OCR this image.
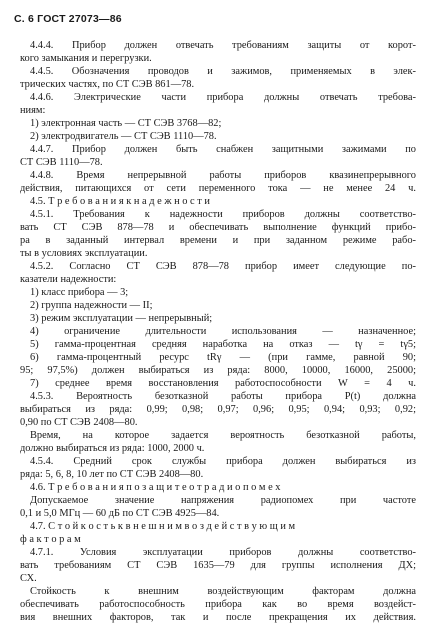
С. 6 ГОСТ 27073—86
4.4.4. Прибор должен отвечать требованиям защиты от корот-
кого замыкания и перегрузки.
4.4.5. Обозначения проводов и зажимов, применяемых в элек-
трических частях, по СТ СЭВ 861—78.
4.4.6. Электрические части прибора должны отвечать требова-
ниям:
1) электронная часть — СТ СЭВ 3768—82;
2) электродвигатель — СТ СЭВ 1110—78.
4.4.7. Прибор должен быть снабжен защитными зажимами по
СТ СЭВ 1110—78.
4.4.8. Время непрерывной работы приборов квазинепрерывного
действия, питающихся от сети переменного тока — не менее 24 ч.
4.5. Т р е б о в а н и я к н а д е ж н о с т и
4.5.1. Требования к надежности приборов должны соответство-
вать СТ СЭВ 878—78 и обеспечивать выполнение функций прибо-
ра в заданный интервал времени и при заданном режиме рабо-
ты в условиях эксплуатации.
4.5.2. Согласно СТ СЭВ 878—78 прибор имеет следующие по-
казатели надежности:
1) класс прибора — 3;
2) группа надежности — II;
3) режим эксплуатации — непрерывный;
4) ограничение длительности использования — назначенное;
5) гамма-процентная средняя наработка на отказ — tγ = tγ5;
6) гамма-процентный ресурс tRγ — (при гамме, равной 90;
95; 97,5%) должен выбираться из ряда: 8000, 10000, 16000, 25000;
7) среднее время восстановления работоспособности W = 4 ч.
4.5.3. Вероятность безотказной работы прибора P(t) должна
выбираться из ряда: 0,99; 0,98; 0,97; 0,96; 0,95; 0,94; 0,93; 0,92;
0,90 по СТ СЭВ 2408—80.
Время, на которое задается вероятность безотказной работы,
должно выбираться из ряда: 1000, 2000 ч.
4.5.4. Средний срок службы прибора должен выбираться из
ряда: 5, 6, 8, 10 лет по СТ СЭВ 2408—80.
4.6. Т р е б о в а н и я п о з а щ и т е о т р а д и о п о м е х
Допускаемое значение напряжения радиопомех при частоте
0,1 и 5,0 МГц — 60 дБ по СТ СЭВ 4925—84.
4.7. С т о й к о с т ь к в н е ш н и м в о з д е й с т в у ю щ и м
ф а к т о р а м
4.7.1. Условия эксплуатации приборов должны соответство-
вать требованиям СТ СЭВ 1635—79 для группы исполнения ДХ;
СХ.
Стойкость к внешним воздействующим факторам должна
обеспечивать работоспособность прибора как во время воздейст-
вия внешних факторов, так и после прекращения их действия.
